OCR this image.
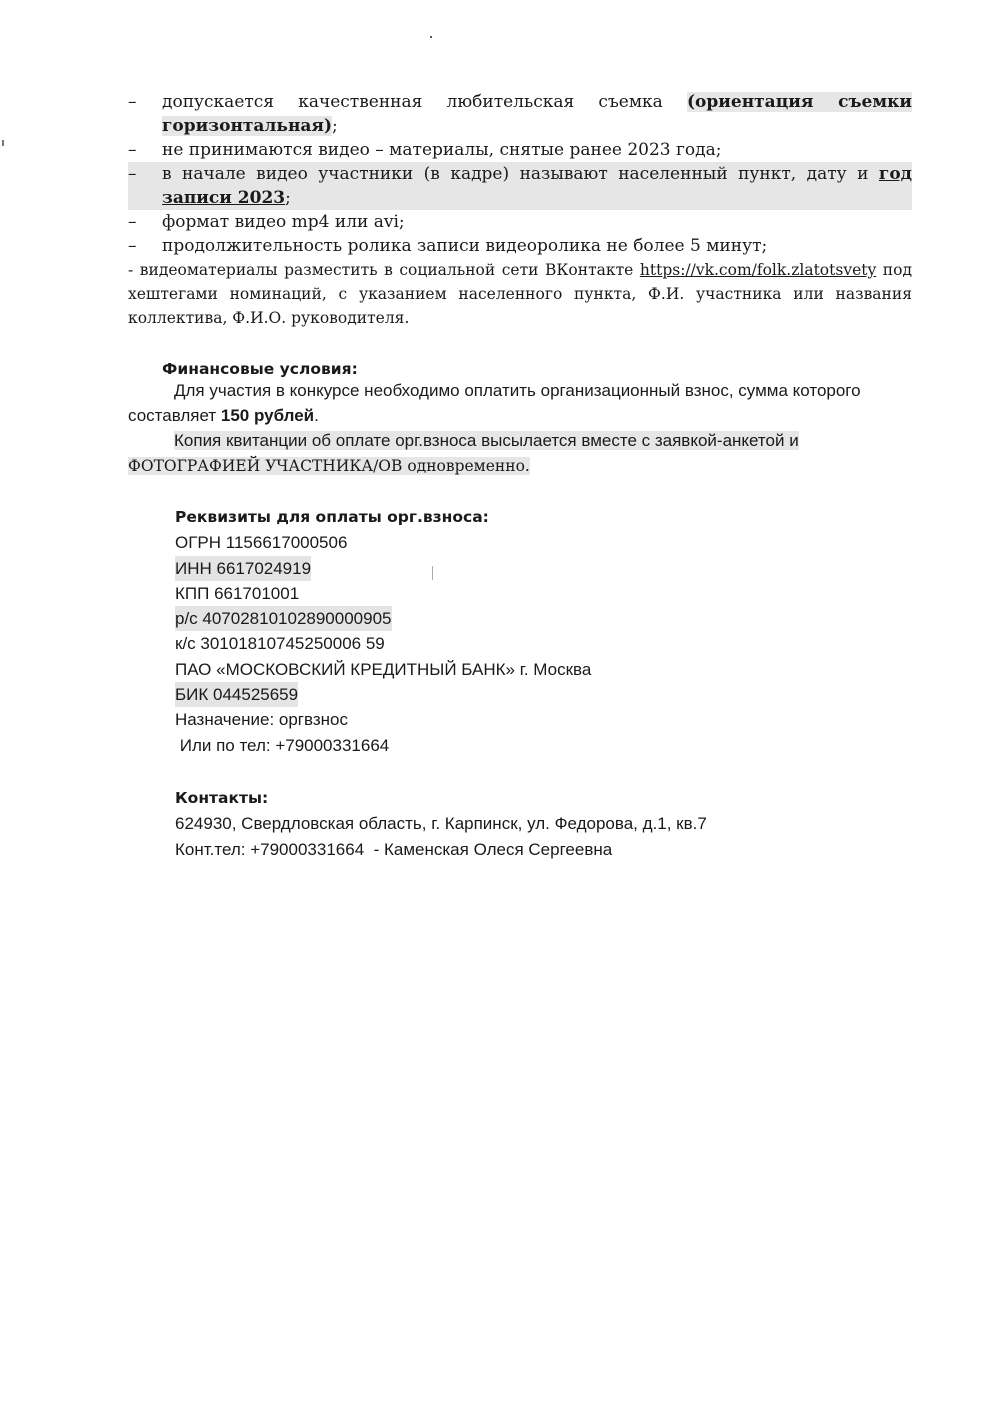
– допускается качественная любительская съемка (ориентация съемки горизонтальная);
– не принимаются видео – материалы, снятые ранее 2023 года;
– в начале видео участники (в кадре) называют населенный пункт, дату и год записи 2023;
– формат видео mp4 или avi;
– продолжительность ролика записи видеоролика не более 5 минут;
- видеоматериалы разместить в социальной сети ВКонтакте https://vk.com/folk.zlatotsvety под хештегами номинаций, с указанием населенного пункта, Ф.И. участника или названия коллектива, Ф.И.О. руководителя.
Финансовые условия:
Для участия в конкурсе необходимо оплатить организационный взнос, сумма которого составляет 150 рублей.
Копия квитанции об оплате орг.взноса высылается вместе с заявкой-анкетой и
ФОТОГРАФИЕЙ УЧАСТНИКА/ОВ одновременно.
Реквизиты для оплаты орг.взноса:
ОГРН 1156617000506
ИНН 6617024919
КПП 661701001
р/с 40702810102890000905
к/с 30101810745250006 59
ПАО «МОСКОВСКИЙ КРЕДИТНЫЙ БАНК» г. Москва
БИК 044525659
Назначение: оргвзнос
Или по тел: +79000331664
Контакты:
624930, Свердловская область, г. Карпинск, ул. Федорова, д.1, кв.7
Конт.тел: +79000331664  - Каменская Олеся Сергеевна
